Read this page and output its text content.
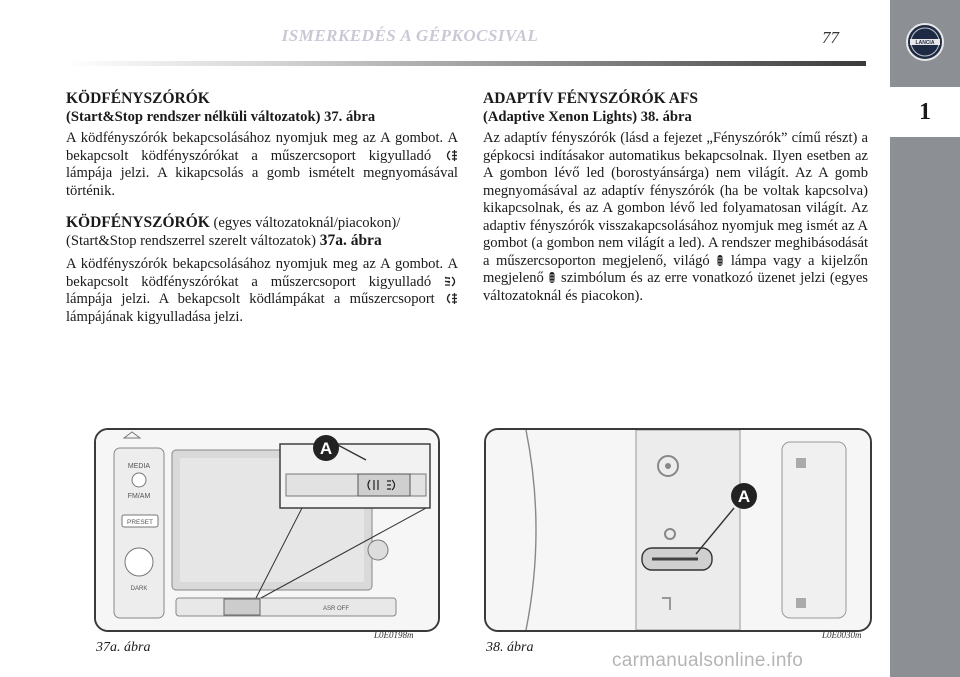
ISMERKEDÉS A GÉPKOCSIVAL	77	LANCIA
1
KÖDFÉNYSZÓRÓK
(Start&Stop rendszer nélküli változatok) 37. ábra

A ködfényszórók bekapcsolásához nyomjuk meg az A gombot. A bekapcsolt ködfényszórókat a műszercsoport kigyulladó  lámpája jelzi. A kikapcsolás a gomb ismételt megnyomásával történik.

KÖDFÉNYSZÓRÓK (egyes változatoknál/piacokon)/ (Start&Stop rendszerrel szerelt változatok) 37a. ábra

A ködfényszórók bekapcsolásához nyomjuk meg az A gombot. A bekapcsolt ködfényszórókat a műszercsoport kigyulladó  lámpája jelzi. A bekapcsolt ködlámpákat a műszercsoport  lámpájának kigyulladása jelzi.

ADAPTÍV FÉNYSZÓRÓK AFS
(Adaptive Xenon Lights) 38. ábra

Az adaptív fényszórók (lásd a fejezet „Fényszórók” című részt) a gépkocsi indításakor automatikus bekapcsolnak. Ilyen esetben az A gombon lévő led (borostyánsárga) nem világít. Az A gomb megnyomásával az adaptív fényszórók (ha be voltak kapcsolva) kikapcsolnak, és az A gombon lévő led folyamatosan világít. Az adaptiv fényszórók visszakapcsolásához nyomjuk meg ismét az A gombot (a gombon nem világít a led). A rendszer meghibásodását a műszercsoporton megjelenő, világó lámpa vagy a kijelzőn megjelenő szimbólum és az erre vonatkozó üzenet jelzi (egyes változatoknál és piacokon).

MEDIA
FM/AM
PRESET
DARK
ASR OFF
A
37a. ábra
L0E0198m
A
38. ábra
L0E0030m
carmanualsonline.info
